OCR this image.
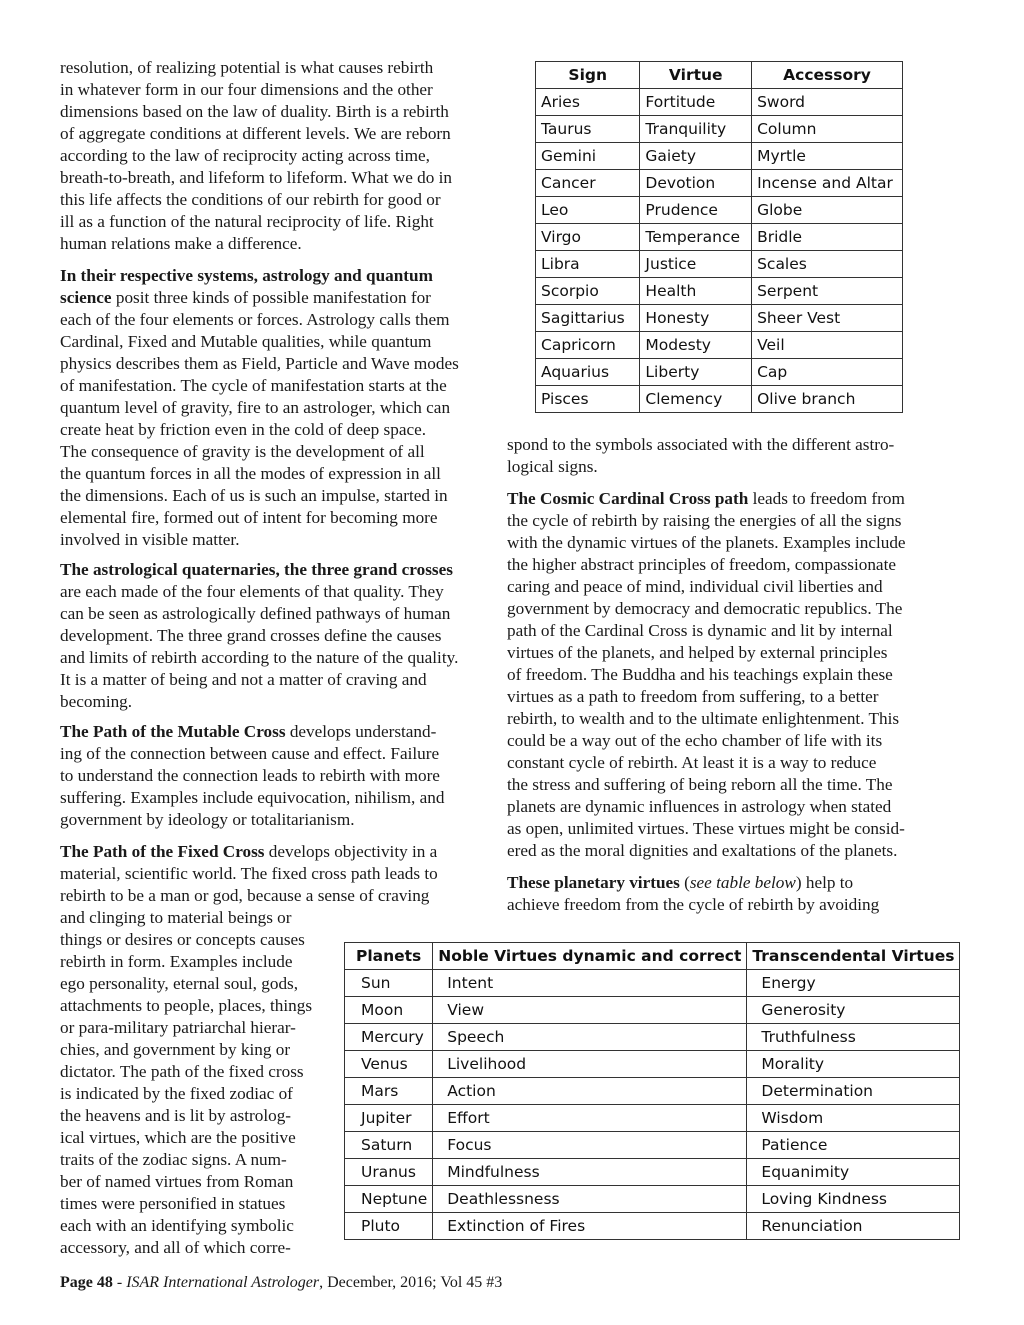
resolution, of realizing potential is what causes rebirth
in whatever form in our four dimensions and the other
dimensions based on the law of duality. Birth is a rebirth
of aggregate conditions at different levels. We are reborn
according to the law of reciprocity acting across time,
breath-to-breath, and lifeform to lifeform. What we do in
this life affects the conditions of our rebirth for good or
ill as a function of the natural reciprocity of life. Right
human relations make a difference.

In their respective systems, astrology and quantum
science posit three kinds of possible manifestation for
each of the four elements or forces. Astrology calls them
Cardinal, Fixed and Mutable qualities, while quantum
physics describes them as Field, Particle and Wave modes
of manifestation. The cycle of manifestation starts at the
quantum level of gravity, fire to an astrologer, which can
create heat by friction even in the cold of deep space.
The consequence of gravity is the development of all
the quantum forces in all the modes of expression in all
the dimensions. Each of us is such an impulse, started in
elemental fire, formed out of intent for becoming more
involved in visible matter.

The astrological quaternaries, the three grand crosses
are each made of the four elements of that quality. They
can be seen as astrologically defined pathways of human
development. The three grand crosses define the causes
and limits of rebirth according to the nature of the quality.
It is a matter of being and not a matter of craving and
becoming.

The Path of the Mutable Cross develops understand-
ing of the connection between cause and effect. Failure
to understand the connection leads to rebirth with more
suffering. Examples include equivocation, nihilism, and
government by ideology or totalitarianism.

The Path of the Fixed Cross develops objectivity in a
material, scientific world. The fixed cross path leads to
rebirth to be a man or god, because a sense of craving
and clinging to material beings or
things or desires or concepts causes
rebirth in form. Examples include
ego personality, eternal soul, gods,
attachments to people, places, things
or para-military patriarchal hierar-
chies, and government by king or
dictator. The path of the fixed cross
is indicated by the fixed zodiac of
the heavens and is lit by astrolog-
ical virtues, which are the positive
traits of the zodiac signs. A num-
ber of named virtues from Roman
times were personified in statues
each with an identifying symbolic
accessory, and all of which corre-

spond to the symbols associated with the different astro-
logical signs.

The Cosmic Cardinal Cross path leads to freedom from
the cycle of rebirth by raising the energies of all the signs
with the dynamic virtues of the planets. Examples include
the higher abstract principles of freedom, compassionate
caring and peace of mind, individual civil liberties and
government by democracy and democratic republics. The
path of the Cardinal Cross is dynamic and lit by internal
virtues of the planets, and helped by external principles
of freedom. The Buddha and his teachings explain these
virtues as a path to freedom from suffering, to a better
rebirth, to wealth and to the ultimate enlightenment. This
could be a way out of the echo chamber of life with its
constant cycle of rebirth. At least it is a way to reduce
the stress and suffering of being reborn all the time. The
planets are dynamic influences in astrology when stated
as open, unlimited virtues. These virtues might be consid-
ered as the moral dignities and exaltations of the planets.

These planetary virtues (see table below) help to
achieve freedom from the cycle of rebirth by avoiding

Sign	Virtue	Accessory
Aries	Fortitude	Sword
Taurus	Tranquility	Column
Gemini	Gaiety	Myrtle
Cancer	Devotion	Incense and Altar
Leo	Prudence	Globe
Virgo	Temperance	Bridle
Libra	Justice	Scales
Scorpio	Health	Serpent
Sagittarius	Honesty	Sheer Vest
Capricorn	Modesty	Veil
Aquarius	Liberty	Cap
Pisces	Clemency	Olive branch
Planets	Noble Virtues dynamic and correct	Transcendental Virtues
Sun	Intent	Energy
Moon	View	Generosity
Mercury	Speech	Truthfulness
Venus	Livelihood	Morality
Mars	Action	Determination
Jupiter	Effort	Wisdom
Saturn	Focus	Patience
Uranus	Mindfulness	Equanimity
Neptune	Deathlessness	Loving Kindness
Pluto	Extinction of Fires	Renunciation
Page 48 - ISAR International Astrologer, December, 2016; Vol 45 #3
